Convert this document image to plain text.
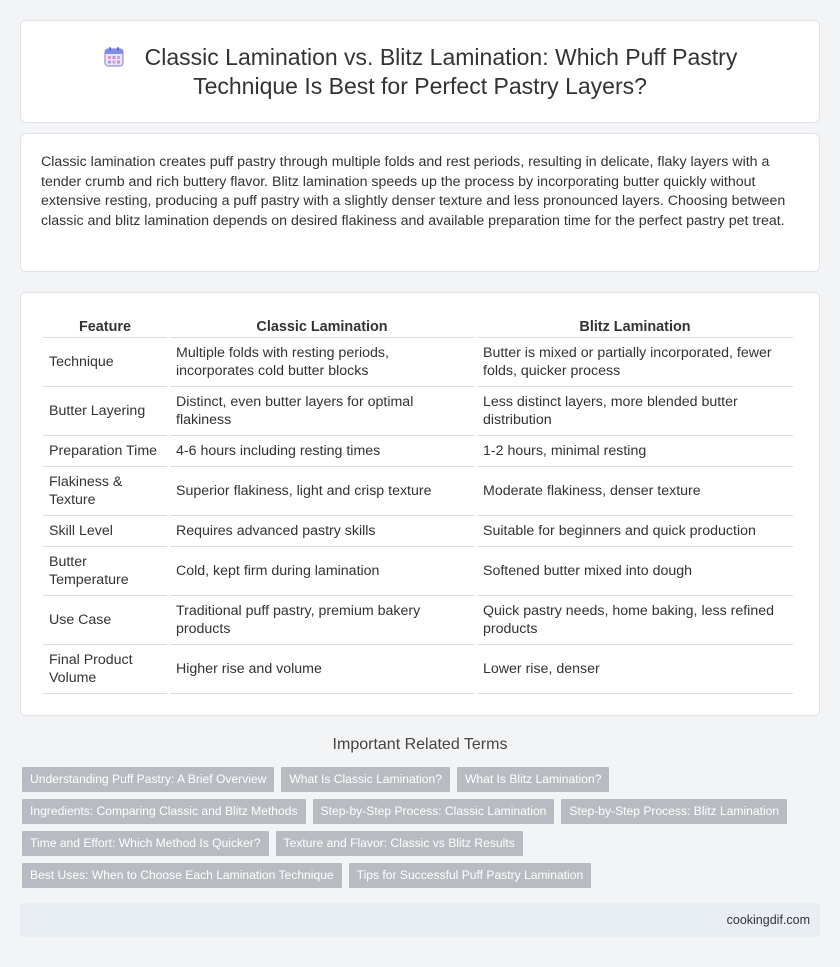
Classic Lamination vs. Blitz Lamination: Which Puff Pastry
Technique Is Best for Perfect Pastry Layers?

Classic lamination creates puff pastry through multiple folds and rest periods, resulting in delicate, flaky layers with a tender crumb and rich buttery flavor. Blitz lamination speeds up the process by incorporating butter quickly without extensive resting, producing a puff pastry with a slightly denser texture and less pronounced layers. Choosing between classic and blitz lamination depends on desired flakiness and available preparation time for the perfect pastry pet treat.

Feature	Classic Lamination	Blitz Lamination
Technique	Multiple folds with resting periods, incorporates cold butter blocks	Butter is mixed or partially incorporated, fewer folds, quicker process
Butter Layering	Distinct, even butter layers for optimal flakiness	Less distinct layers, more blended butter distribution
Preparation Time	4-6 hours including resting times	1-2 hours, minimal resting
Flakiness & Texture	Superior flakiness, light and crisp texture	Moderate flakiness, denser texture
Skill Level	Requires advanced pastry skills	Suitable for beginners and quick production
Butter Temperature	Cold, kept firm during lamination	Softened butter mixed into dough
Use Case	Traditional puff pastry, premium bakery products	Quick pastry needs, home baking, less refined products
Final Product Volume	Higher rise and volume	Lower rise, denser
Important Related Terms
Understanding Puff Pastry: A Brief Overview	What Is Classic Lamination?	What Is Blitz Lamination?
Ingredients: Comparing Classic and Blitz Methods	Step-by-Step Process: Classic Lamination	Step-by-Step Process: Blitz Lamination
Time and Effort: Which Method Is Quicker?	Texture and Flavor: Classic vs Blitz Results
Best Uses: When to Choose Each Lamination Technique	Tips for Successful Puff Pastry Lamination
cookingdif.com
